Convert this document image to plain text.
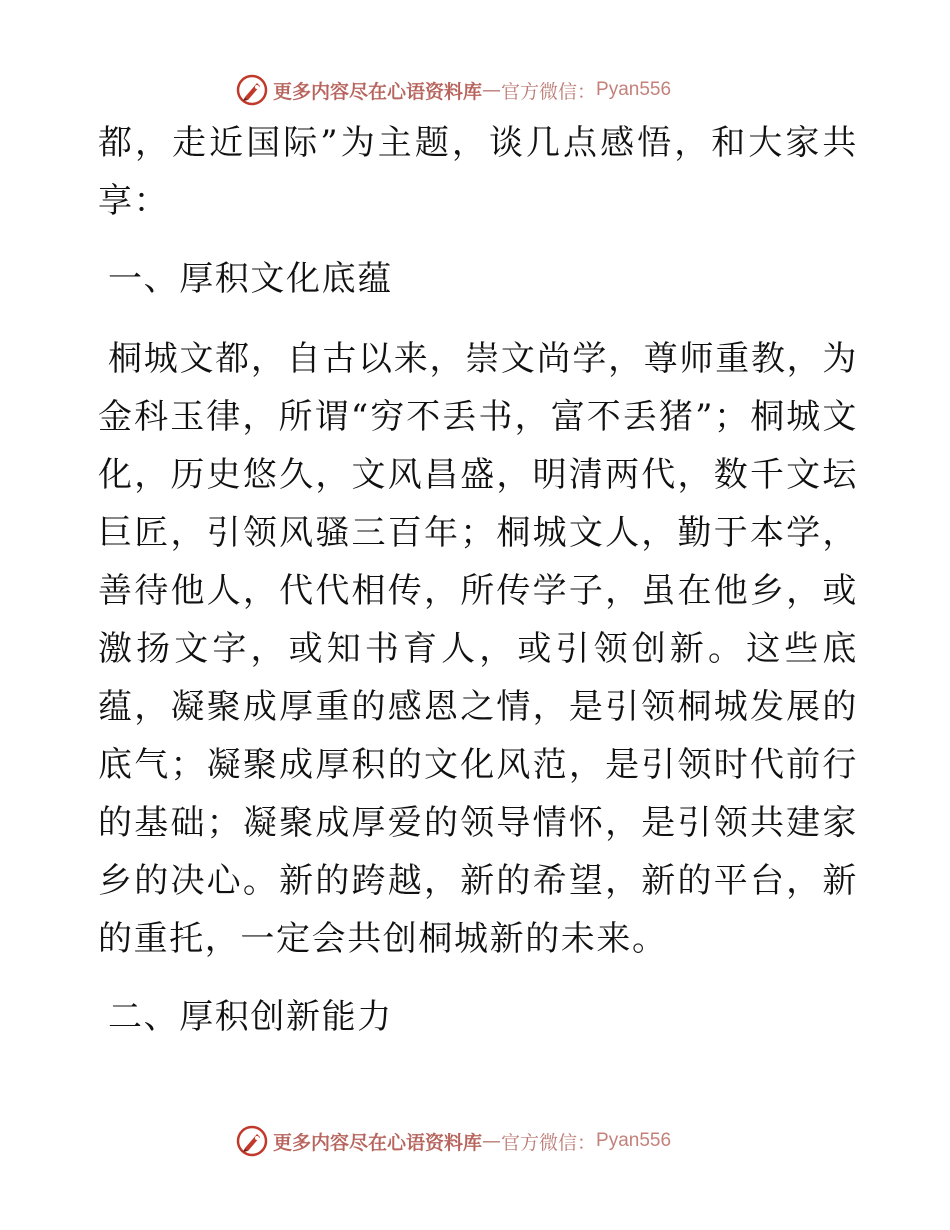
更多内容尽在心语资料库 — 官方微信： Pyan556

都，走近国际”为主题，谈几点感悟，和大家共享：

一、厚积文化底蕴

桐城文都，自古以来，崇文尚学，尊师重教，为金科玉律，所谓“穷不丢书，富不丢猪”；桐城文化，历史悠久，文风昌盛，明清两代，数千文坛巨匠，引领风骚三百年；桐城文人，勤于本学，善待他人，代代相传，所传学子，虽在他乡，或激扬文字，或知书育人，或引领创新。这些底蕴，凝聚成厚重的感恩之情，是引领桐城发展的底气；凝聚成厚积的文化风范，是引领时代前行的基础；凝聚成厚爱的领导情怀，是引领共建家乡的决心。新的跨越，新的希望，新的平台，新的重托，一定会共创桐城新的未来。

二、厚积创新能力

更多内容尽在心语资料库 — 官方微信： Pyan556
